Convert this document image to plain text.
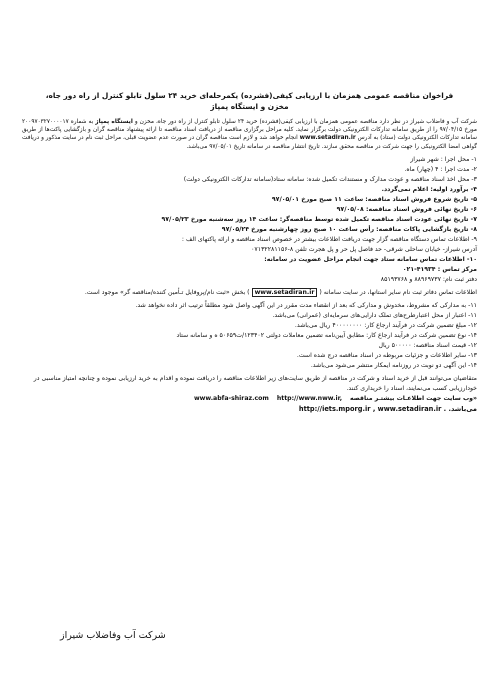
فراخوان مناقصه عمومی همزمان با ارزیابی کیفی(فشرده) یکمرحله‌ای خرید ۲۴ سلول تابلو کنترل از راه دور جاه، مخزن و ایستگاه پمپاژ
شرکت آب و فاضلاب شیراز در نظر دارد مناقصه عمومی همزمان با ارزیابی کیفی(فشرده) خرید ۲۴ سلول تابلو کنترل از راه دور جاه، مخزن و ایستگاه پمپاژ به شماره ۲۰۰۹۷۰۳۲۷۰۰۰۰۱۷ مورخ ۹۷/۰۴/۱۵ را از طریق سامانه تدارکات الکترونیکی دولت برگزار نماید. کلیه مراحل برگزاری مناقصه از دریافت اسناد مناقصه تا ارائه پیشنهاد مناقصه گران و بازگشایی پاکت‌ها از طریق سامانه تدارکات الکترونیکی دولت (ستاد) به آدرس www.setadiran.ir انجام خواهد شد و لازم است مناقصه گران در صورت عدم عضویت قبلی، مراحل ثبت نام در سایت مذکور و دریافت گواهی امضا الکترونیکی را جهت شرکت در مناقصه محقق سازند. تاریخ انتشار مناقصه در سامانه تاریخ ۹۷/۰۵/۰۱ می‌باشد.
۱- محل اجرا : شهر شیراز
۲- مدت اجرا : ۴ (چهار) ماه.
۳- محل اخذ اسناد مناقصه و عودت مدارک و مستندات تکمیل شده: سامانه ستاد(سامانه تدارکات الکترونیکی دولت)
۴- برآورد اولیه: اعلام نمی‌گردد.
۵- تاریخ شروع فروش اسناد مناقصه: ساعت ۱۱ صبح مورخ ۹۷/۰۵/۰۱
۶- تاریخ نهائی فروش اسناد مناقصه: ۹۷/۰۵/۰۸
۷- تاریخ نهائی عودت اسناد مناقصه تکمیل شده توسط مناقصه‌گر: ساعت ۱۴ روز سه‌شنبه مورخ ۹۷/۰۵/۲۳
۸- تاریخ بازگشایی پاکات مناقصه: رأس ساعت ۱۰ صبح روز چهارشنبه مورخ ۹۷/۰۵/۲۴
۹- اطلاعات تماس دستگاه مناقصه گزار جهت دریافت اطلاعات بیشتر در خصوص اسناد مناقصه و ارائه پاکتهای الف :
آدرس شیراز- خیابان ساحلی شرقی- حد فاصل پل حر و پل هجرت تلفن ۸-۰۷۱۳۲۲۸۱۱۵۶
۱۰- اطلاعات تماس سامانه ستاد جهت انجام مراحل عضویت در سامانه:
مرکز تماس : ۴۱۹۳۴-۰۲۱
دفتر ثبت نام: ۸۸۹۶۹۷۳۷ و ۸۵۱۹۳۷۶۸
اطلاعات تماس دفاتر ثبت نام سایر استانها، در سایت سامانه ( www.setadiran.ir ) بخش «ثبت نام/پروفایل تـأمین کننده/مناقصه گر» موجود است.
۱۱- به مدارکی که مشروط، مخدوش و مدارکی که بعد از انقضاء مدت مقرر در این آگهی واصل شود مطلقاً ترتیب اثر داده نخواهد شد.
۱۱- اعتبار از محل اعتبارطرح‌های تملک دارایی‌های سرمایه‌ای (عمرانی) می‌باشد.
۱۲- مبلغ تضمین شرکت در فرآیند ارجاع کار: ۴۰۰۰۰۰۰۰۰ ریال می‌باشد.
۱۴- نوع تضمین شرکت در فرآیند ارجاع کار: مطابق آیین‌نامه تضمین معاملات دولتی ۱۲۳۴۰۲/ت۵۰۶۵۹ ه و سامانه ستاد
۱۲- قیمت اسناد مناقصه: ۵۰۰۰۰۰ ریال
۱۳- سایر اطلاعات و جزئیات مربوطه در اسناد مناقصه درج شده است.
۱۴- این آگهی دو نوبت در روزنامه ایمکار منتشر می‌شود می‌باشد.
متقاضیان می‌توانند قبل از خرید اسناد و شرکت در مناقصه از طریق سایت‌های زیر اطلاعات مناقصه را دریافت نموده و اقدام به خرید ارزیابی نموده و چنانچه امتیاز مناسبی در خودارزیابی کسب می‌نمایند، اسناد را خریداری کنند.
«وب سایت جهت اطلاعـات بیشتـر مناقصه www.abfa-shiraz.com http://www.nww.ir,
http://iets.mporg.ir , www.setadiran.ir . می‌باشد.
شرکت آب وفاضلاب شیراز
